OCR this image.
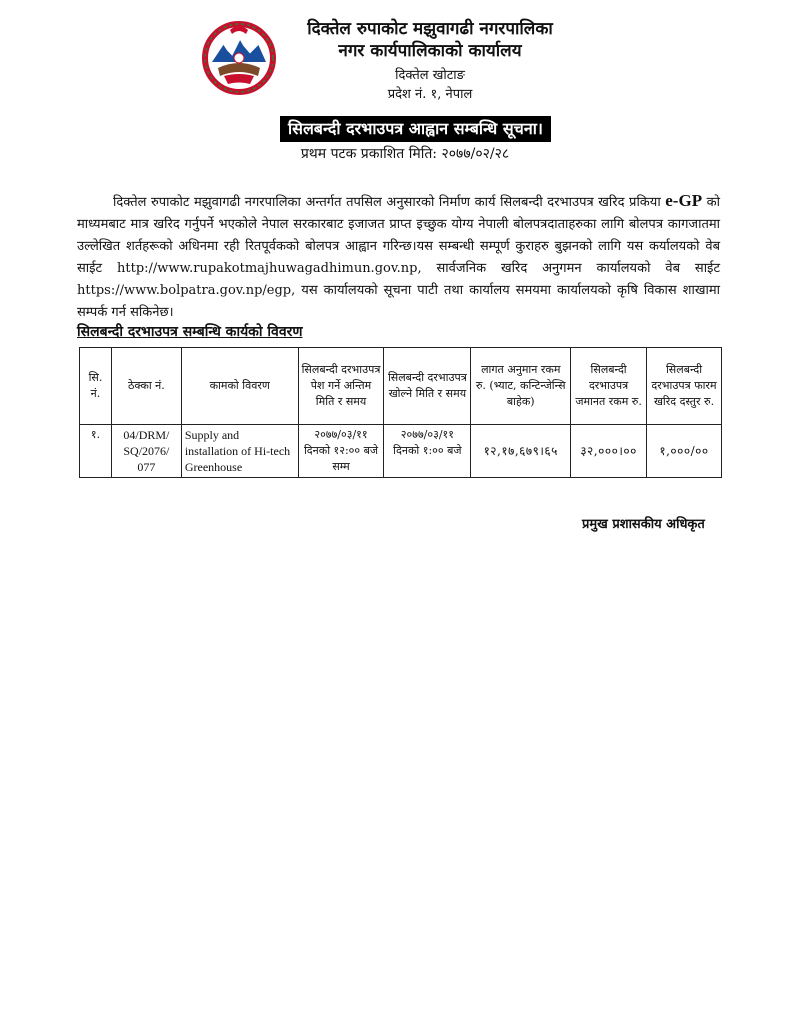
दिक्तेल रुपाकोट मझुवागढी नगरपालिका
नगर कार्यपालिकाको कार्यालय
दिक्तेल खोटाङ
प्रदेश नं. १, नेपाल
सिलबन्दी दरभाउपत्र आह्वान सम्बन्धि सूचना।
प्रथम पटक प्रकाशित मिति: २०७७/०२/२८
दिक्तेल रुपाकोट मझुवागढी नगरपालिका अन्तर्गत तपसिल अनुसारको निर्माण कार्य सिलबन्दी दरभाउपत्र खरिद प्रकिया e-GP को माध्यमबाट मात्र खरिद गर्नुपर्ने भएकोले नेपाल सरकारबाट इजाजत प्राप्त इच्छुक योग्य नेपाली बोलपत्रदाताहरुका लागि बोलपत्र कागजातमा उल्लेखित शर्तहरूको अधिनमा रही रितपूर्वकको बोलपत्र आह्वान गरिन्छ।यस सम्बन्धी सम्पूर्ण कुराहरु बुझनको लागि यस कर्यालयको वेब साईट http://www.rupakotmajhuwagadhimun.gov.np, सार्वजनिक खरिद अनुगमन कार्यालयको वेब साईट https://www.bolpatra.gov.np/egp, यस कार्यालयको सूचना पाटी तथा कार्यालय समयमा कार्यालयको कृषि विकास शाखामा सम्पर्क गर्न सकिनेछ।
सिलबन्दी दरभाउपत्र सम्बन्धि कार्यको विवरण
सि. नं.	ठेक्का नं.	कामको विवरण	सिलबन्दी दरभाउपत्र पेश गर्ने अन्तिम मिति र समय	सिलबन्दी दरभाउपत्र खोल्ने मिति र समय	लागत अनुमान रकम रु. (भ्याट, कन्टिन्जेन्सि बाहेक)	सिलबन्दी दरभाउपत्र जमानत रकम रु.	सिलबन्दी दरभाउपत्र फारम खरिद दस्तुर रु.
१.	04/DRM/ SQ/2076/ 077	Supply and installation of Hi-tech Greenhouse	२०७७/०३/११ दिनको १२:०० बजे सम्म	२०७७/०३/११ दिनको १:०० बजे	१२,१७,६७९।६५	३२,०००।००	१,०००/००
प्रमुख प्रशासकीय अधिकृत
